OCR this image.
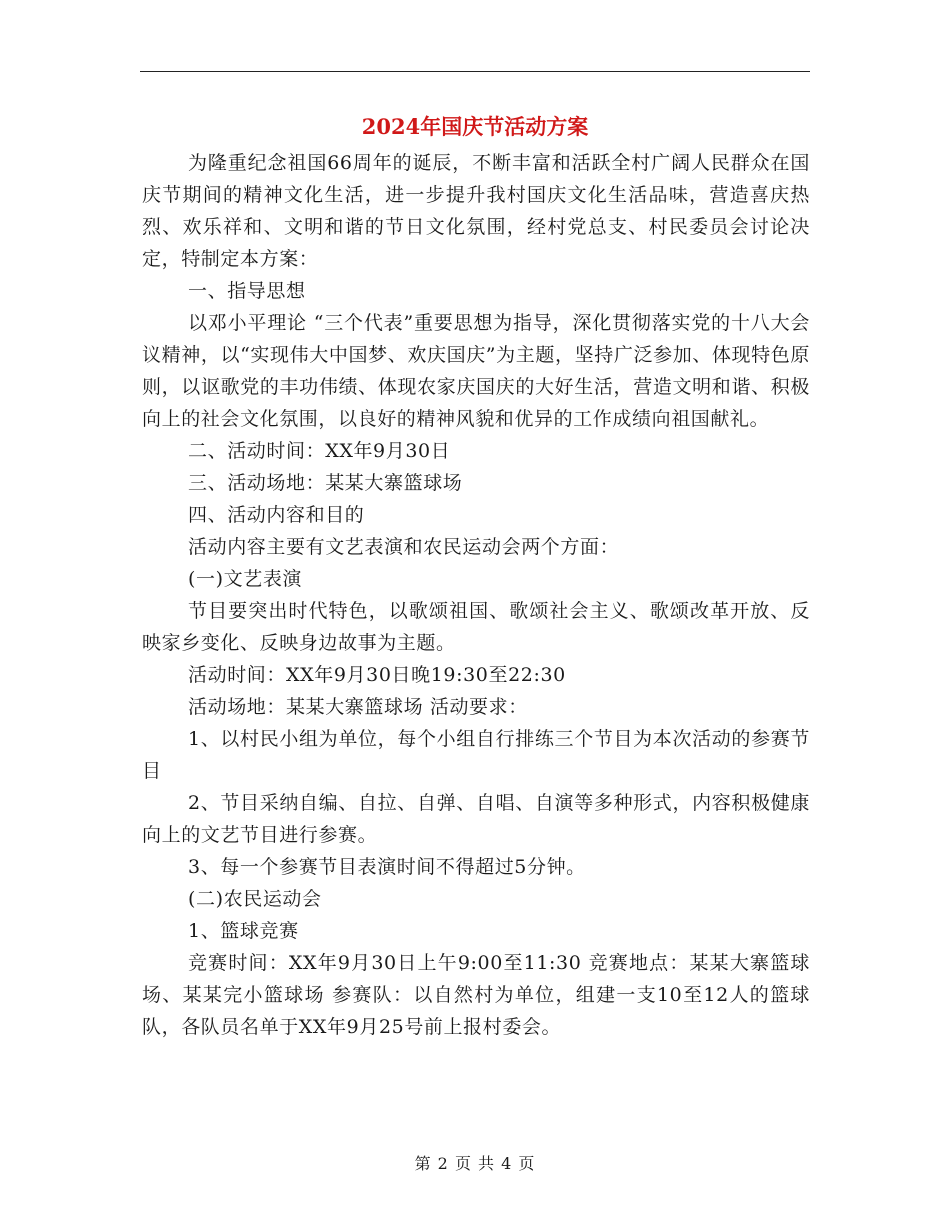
2024年国庆节活动方案

为隆重纪念祖国66周年的诞辰，不断丰富和活跃全村广阔人民群众在国庆节期间的精神文化生活，进一步提升我村国庆文化生活品味，营造喜庆热烈、欢乐祥和、文明和谐的节日文化氛围，经村党总支、村民委员会讨论决定，特制定本方案：

一、指导思想

以邓小平理论 “三个代表”重要思想为指导，深化贯彻落实党的十八大会议精神，以“实现伟大中国梦、欢庆国庆”为主题，坚持广泛参加、体现特色原则，以讴歌党的丰功伟绩、体现农家庆国庆的大好生活，营造文明和谐、积极向上的社会文化氛围，以良好的精神风貌和优异的工作成绩向祖国献礼。

二、活动时间：XX年9月30日

三、活动场地：某某大寨篮球场

四、活动内容和目的

活动内容主要有文艺表演和农民运动会两个方面：

(一)文艺表演

节目要突出时代特色，以歌颂祖国、歌颂社会主义、歌颂改革开放、反映家乡变化、反映身边故事为主题。

活动时间：XX年9月30日晚19:30至22:30

活动场地：某某大寨篮球场 活动要求：

1、以村民小组为单位，每个小组自行排练三个节目为本次活动的参赛节目

2、节目采纳自编、自拉、自弹、自唱、自演等多种形式，内容积极健康向上的文艺节目进行参赛。

3、每一个参赛节目表演时间不得超过5分钟。

(二)农民运动会

1、篮球竞赛

竞赛时间：XX年9月30日上午9:00至11:30 竞赛地点：某某大寨篮球场、某某完小篮球场 参赛队：以自然村为单位，组建一支10至12人的篮球队，各队员名单于XX年9月25号前上报村委会。

第 2 页 共 4 页
